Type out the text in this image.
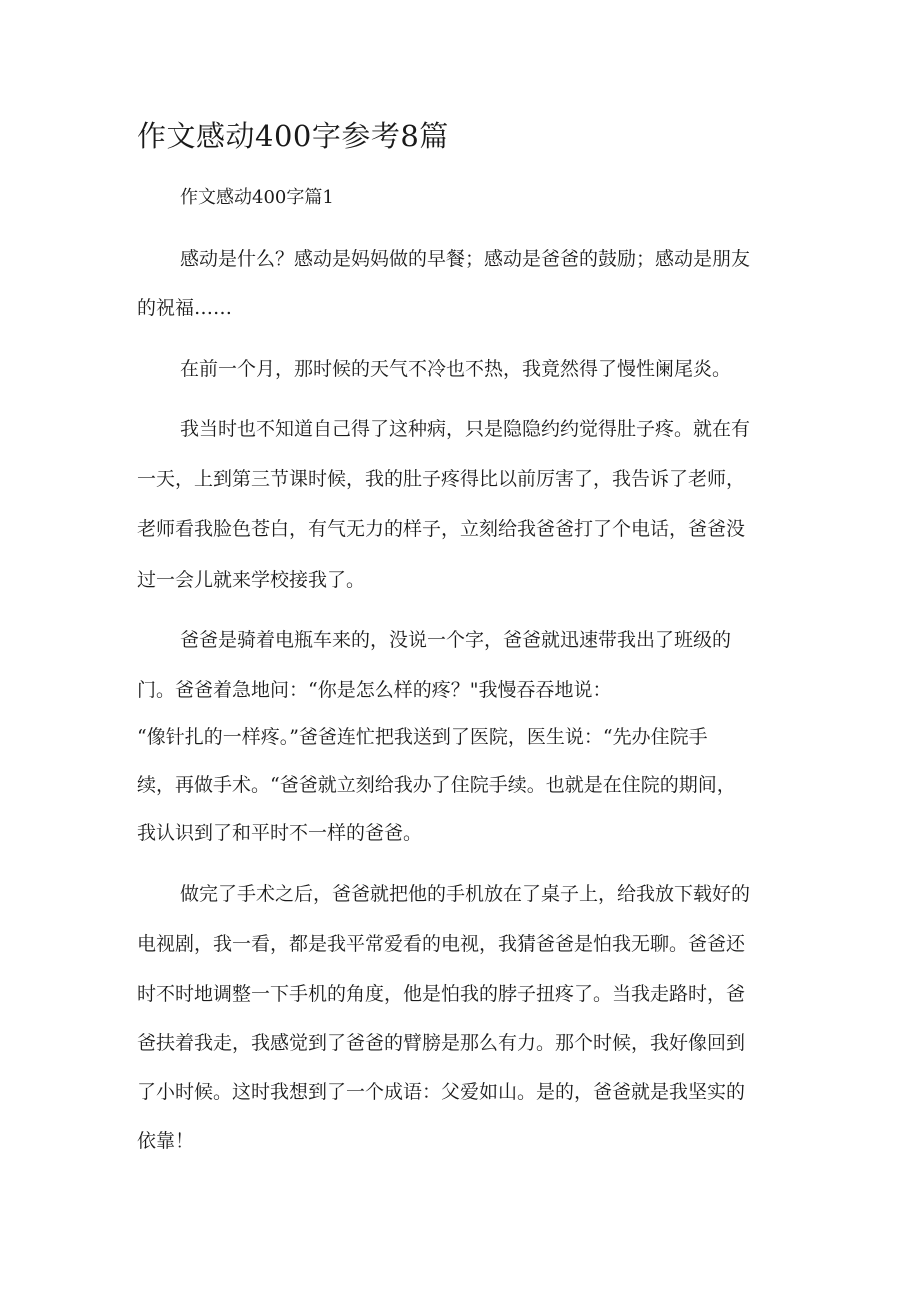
作文感动400字参考8篇
作文感动400字篇1

感动是什么？感动是妈妈做的早餐；感动是爸爸的鼓励；感动是朋友

的祝福……

在前一个月，那时候的天气不冷也不热，我竟然得了慢性阑尾炎。

我当时也不知道自己得了这种病，只是隐隐约约觉得肚子疼。就在有

一天，上到第三节课时候，我的肚子疼得比以前厉害了，我告诉了老师，

老师看我脸色苍白，有气无力的样子，立刻给我爸爸打了个电话，爸爸没

过一会儿就来学校接我了。

爸爸是骑着电瓶车来的，没说一个字，爸爸就迅速带我出了班级的

门。爸爸着急地问：“你是怎么样的疼？"我慢吞吞地说：

“像针扎的一样疼。”爸爸连忙把我送到了医院，医生说：“先办住院手

续，再做手术。“爸爸就立刻给我办了住院手续。也就是在住院的期间，

我认识到了和平时不一样的爸爸。

做完了手术之后，爸爸就把他的手机放在了桌子上，给我放下载好的

电视剧，我一看，都是我平常爱看的电视，我猜爸爸是怕我无聊。爸爸还

时不时地调整一下手机的角度，他是怕我的脖子扭疼了。当我走路时，爸

爸扶着我走，我感觉到了爸爸的臂膀是那么有力。那个时候，我好像回到

了小时候。这时我想到了一个成语：父爱如山。是的，爸爸就是我坚实的

依靠！
